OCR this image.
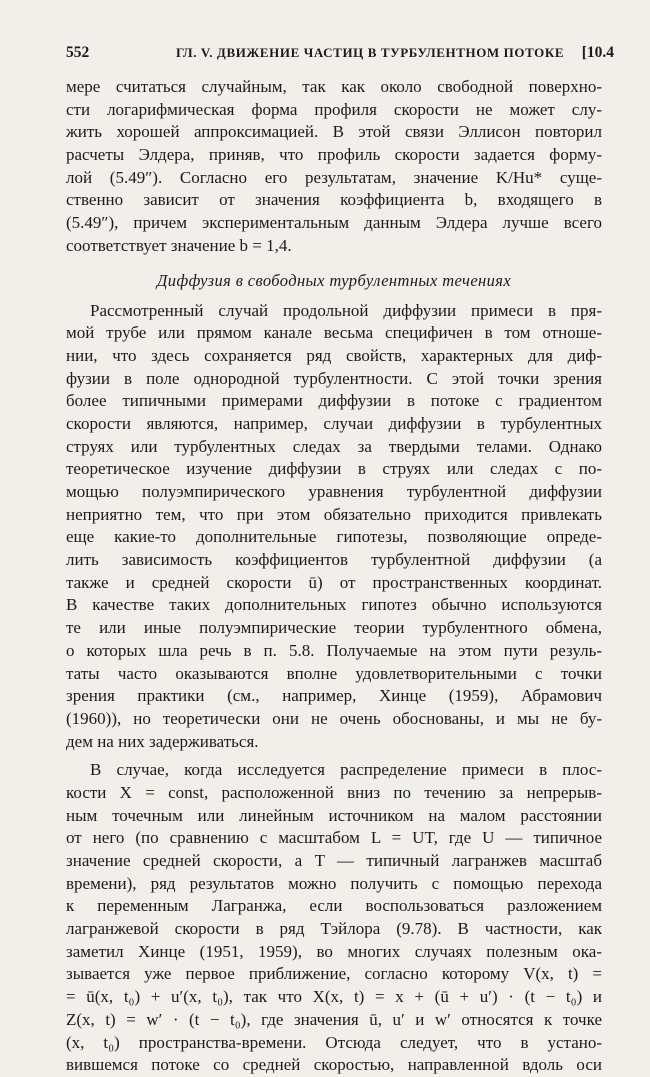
552	ГЛ. V. ДВИЖЕНИЕ ЧАСТИЦ В ТУРБУЛЕНТНОМ ПОТОКЕ [10.4
мере считаться случайным, так как около свободной поверхно-
сти логарифмическая форма профиля скорости не может слу-
жить хорошей аппроксимацией. В этой связи Эллисон повторил
расчеты Элдера, приняв, что профиль скорости задается форму-
лой (5.49″). Согласно его результатам, значение K/Hu* суще-
ственно зависит от значения коэффициента b, входящего в
(5.49″), причем экспериментальным данным Элдера лучше всего
соответствует значение b = 1,4.
Диффузия в свободных турбулентных течениях
Рассмотренный случай продольной диффузии примеси в пря-
мой трубе или прямом канале весьма специфичен в том отноше-
нии, что здесь сохраняется ряд свойств, характерных для диф-
фузии в поле однородной турбулентности. С этой точки зрения
более типичными примерами диффузии в потоке с градиентом
скорости являются, например, случаи диффузии в турбулентных
струях или турбулентных следах за твердыми телами. Однако
теоретическое изучение диффузии в струях или следах с по-
мощью полуэмпирического уравнения турбулентной диффузии
неприятно тем, что при этом обязательно приходится привлекать
еще какие-то дополнительные гипотезы, позволяющие опреде-
лить зависимость коэффициентов турбулентной диффузии (а
также и средней скорости ū) от пространственных координат.
В качестве таких дополнительных гипотез обычно используются
те или иные полуэмпирические теории турбулентного обмена,
о которых шла речь в п. 5.8. Получаемые на этом пути резуль-
таты часто оказываются вполне удовлетворительными с точки
зрения практики (см., например, Хинце (1959), Абрамович
(1960)), но теоретически они не очень обоснованы, и мы не бу-
дем на них задерживаться.
В случае, когда исследуется распределение примеси в плос-
кости X = const, расположенной вниз по течению за непрерыв-
ным точечным или линейным источником на малом расстоянии
от него (по сравнению с масштабом L = UT, где U — типичное
значение средней скорости, а T — типичный лагранжев масштаб
времени), ряд результатов можно получить с помощью перехода
к переменным Лагранжа, если воспользоваться разложением
лагранжевой скорости в ряд Тэйлора (9.78). В частности, как
заметил Хинце (1951, 1959), во многих случаях полезным ока-
зывается уже первое приближение, согласно которому V(x, t) =
= ū(x, t₀) + u′(x, t₀), так что X(x, t) = x + (ū + u′) · (t − t₀) и
Z(x, t) = w′ · (t − t₀), где значения ū, u′ и w′ относятся к точке
(x, t₀) пространства-времени. Отсюда следует, что в устано-
вившемся потоке со средней скоростью, направленной вдоль оси
